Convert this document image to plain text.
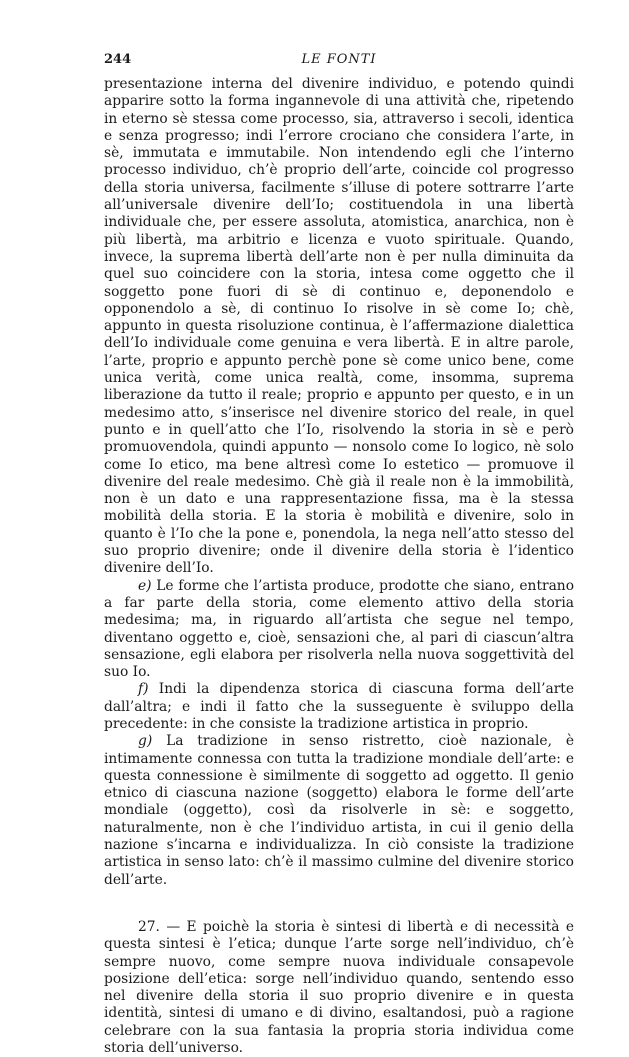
244	LE FONTI

presentazione interna del divenire individuo, e potendo quindi apparire sotto la forma ingannevole di una attività che, ripetendo in eterno sè stessa come processo, sia, attraverso i secoli, identica e senza progresso; indi l’errore crociano che considera l’arte, in sè, immutata e immutabile. Non intendendo egli che l’interno processo individuo, ch’è proprio dell’arte, coincide col progresso della storia universa, facilmente s’illuse di potere sottrarre l’arte all’universale divenire dell’Io; costituendola in una libertà individuale che, per essere assoluta, atomistica, anarchica, non è più libertà, ma arbitrio e licenza e vuoto spirituale. Quando, invece, la suprema libertà dell’arte non è per nulla diminuita da quel suo coincidere con la storia, intesa come oggetto che il soggetto pone fuori di sè di continuo e, deponendolo e opponendolo a sè, di continuo Io risolve in sè come Io; chè, appunto in questa risoluzione continua, è l’affermazione dialettica dell’Io individuale come genuina e vera libertà. E in altre parole, l’arte, proprio e appunto perchè pone sè come unico bene, come unica verità, come unica realtà, come, insomma, suprema liberazione da tutto il reale; proprio e appunto per questo, e in un medesimo atto, s’inserisce nel divenire storico del reale, in quel punto e in quell’atto che l’Io, risolvendo la storia in sè e però promuovendola, quindi appunto — nonsolo come Io logico, nè solo come Io etico, ma bene altresì come Io estetico — promuove il divenire del reale medesimo. Chè già il reale non è la immobilità, non è un dato e una rappresentazione fissa, ma è la stessa mobilità della storia. E la storia è mobilità e divenire, solo in quanto è l’Io che la pone e, ponendola, la nega nell’atto stesso del suo proprio divenire; onde il divenire della storia è l’identico divenire dell’Io.

e) Le forme che l’artista produce, prodotte che siano, entrano a far parte della storia, come elemento attivo della storia medesima; ma, in riguardo all’artista che segue nel tempo, diventano oggetto e, cioè, sensazioni che, al pari di ciascun’altra sensazione, egli elabora per risolverla nella nuova soggettività del suo Io.

f) Indi la dipendenza storica di ciascuna forma dell’arte dall’altra; e indi il fatto che la susseguente è sviluppo della precedente: in che consiste la tradizione artistica in proprio.

g) La tradizione in senso ristretto, cioè nazionale, è intimamente connessa con tutta la tradizione mondiale dell’arte: e questa connessione è similmente di soggetto ad oggetto. Il genio etnico di ciascuna nazione (soggetto) elabora le forme dell’arte mondiale (oggetto), così da risolverle in sè: e soggetto, naturalmente, non è che l’individuo artista, in cui il genio della nazione s’incarna e individualizza. In ciò consiste la tradizione artistica in senso lato: ch’è il massimo culmine del divenire storico dell’arte.

27. — E poichè la storia è sintesi di libertà e di necessità e questa sintesi è l’etica; dunque l’arte sorge nell’individuo, ch’è sempre nuovo, come sempre nuova individuale consapevole posizione dell’etica: sorge nell’individuo quando, sentendo esso nel divenire della storia il suo proprio divenire e in questa identità, sintesi di umano e di divino, esaltandosi, può a ragione celebrare con la sua fantasia la propria storia individua come storia dell’universo.
